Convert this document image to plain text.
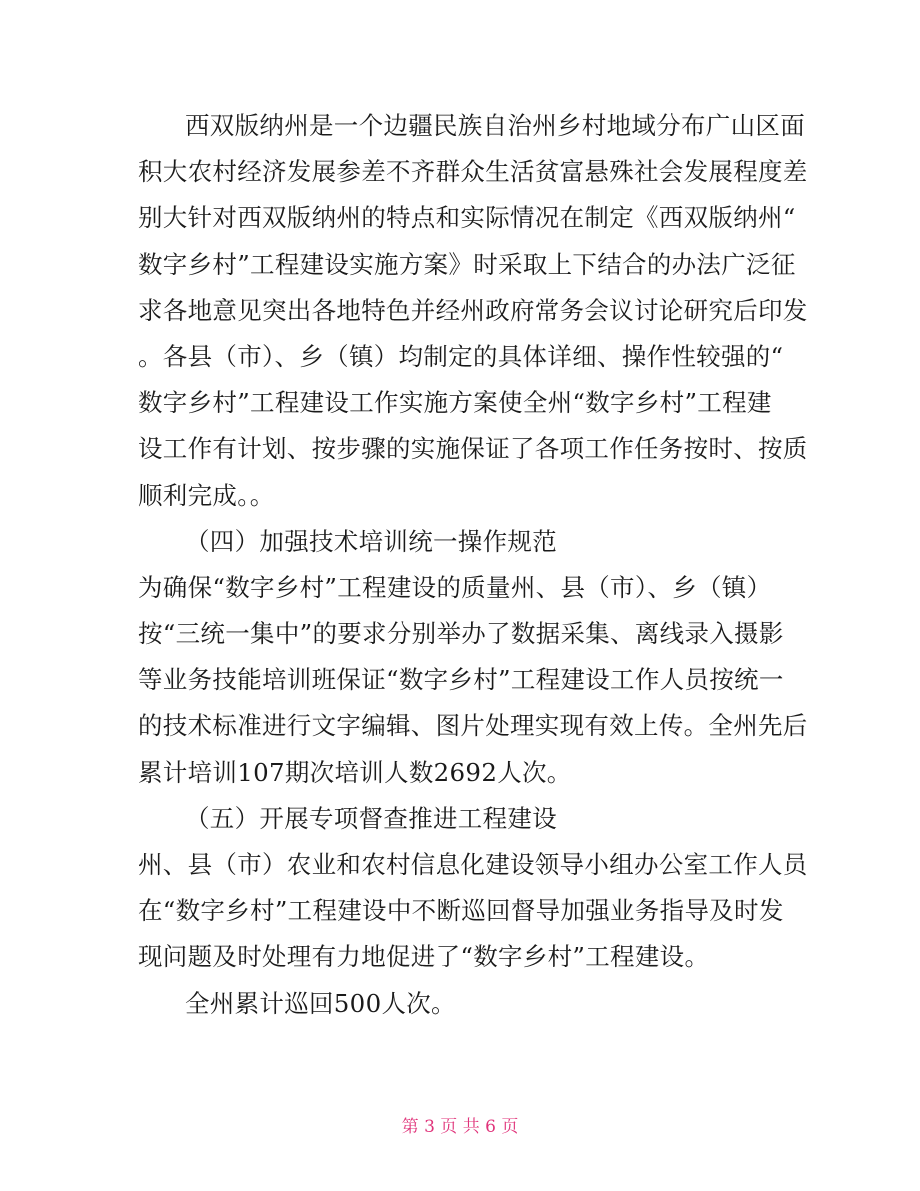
西双版纳州是一个边疆民族自治州乡村地域分布广山区面
积大农村经济发展参差不齐群众生活贫富悬殊社会发展程度差
别大针对西双版纳州的特点和实际情况在制定《西双版纳州“
数字乡村”工程建设实施方案》时采取上下结合的办法广泛征
求各地意见突出各地特色并经州政府常务会议讨论研究后印发
。各县（市）、乡（镇）均制定的具体详细、操作性较强的“
数字乡村”工程建设工作实施方案使全州“数字乡村”工程建
设工作有计划、按步骤的实施保证了各项工作任务按时、按质
顺利完成。。
（四）加强技术培训统一操作规范
为确保“数字乡村”工程建设的质量州、县（市）、乡（镇）
按“三统一集中”的要求分别举办了数据采集、离线录入摄影
等业务技能培训班保证“数字乡村”工程建设工作人员按统一
的技术标准进行文字编辑、图片处理实现有效上传。全州先后
累计培训107期次培训人数2692人次。
（五）开展专项督查推进工程建设
州、县（市）农业和农村信息化建设领导小组办公室工作人员
在“数字乡村”工程建设中不断巡回督导加强业务指导及时发
现问题及时处理有力地促进了“数字乡村”工程建设。
全州累计巡回500人次。
第 3 页 共 6 页
